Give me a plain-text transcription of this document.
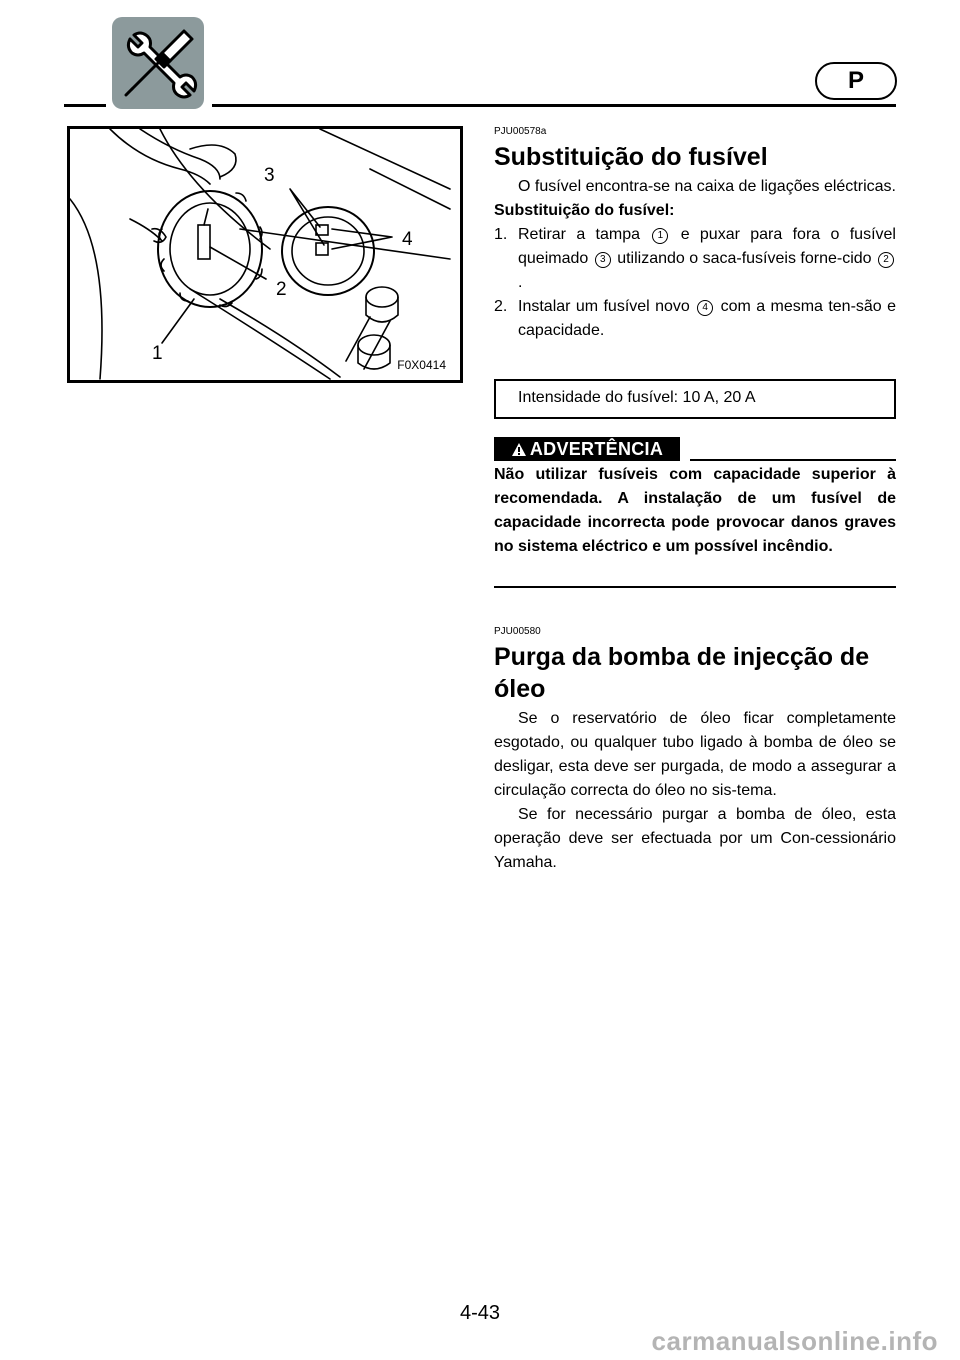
P
3
4
2
1
F0X0414
PJU00578a
Substituição do fusível

O fusível encontra-se na caixa de ligações eléctricas.

Substituição do fusível:

1. Retirar a tampa 1 e puxar para fora o fusível queimado 3 utilizando o saca-fusíveis forne-cido 2.
2. Instalar um fusível novo 4 com a mesma ten-são e capacidade.
Intensidade do fusível: 10 A, 20 A
ADVERTÊNCIA

Não utilizar fusíveis com capacidade superior à recomendada. A instalação de um fusível de capacidade incorrecta pode provocar danos graves no sistema eléctrico e um possível incêndio.

PJU00580
Purga da bomba de injecção de
óleo

Se o reservatório de óleo ficar completamente esgotado, ou qualquer tubo ligado à bomba de óleo se desligar, esta deve ser purgada, de modo a assegurar a circulação correcta do óleo no sis-tema.

Se for necessário purgar a bomba de óleo, esta operação deve ser efectuada por um Con-cessionário Yamaha.

4-43
carmanualsonline.info
